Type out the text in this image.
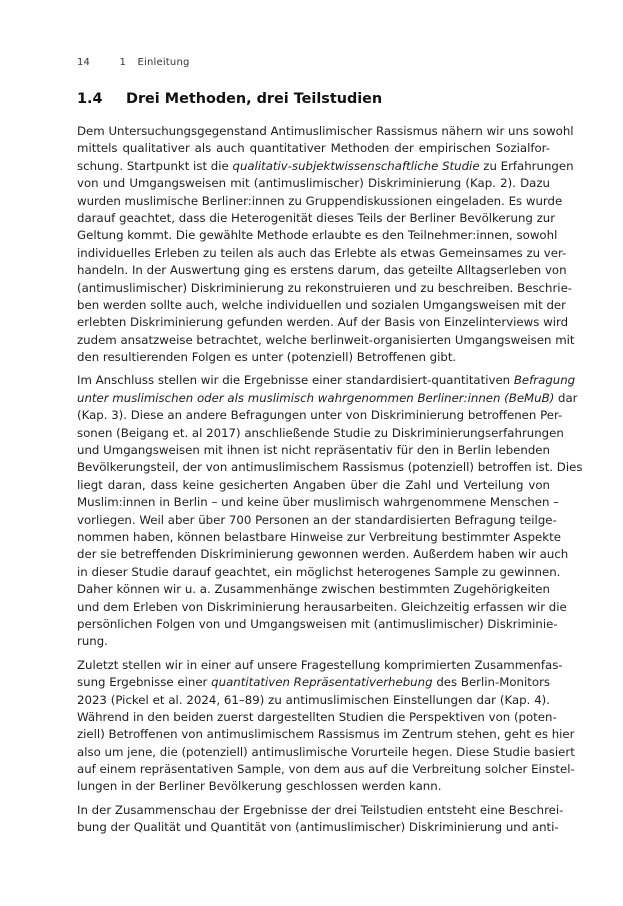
14	1 Einleitung
1.4 Drei Methoden, drei Teilstudien
Dem Untersuchungsgegenstand Antimuslimischer Rassismus nähern wir uns sowohl
mittels qualitativer als auch quantitativer Methoden der empirischen Sozialfor-
schung. Startpunkt ist die qualitativ-subjektwissenschaftliche Studie zu Erfahrungen
von und Umgangsweisen mit (antimuslimischer) Diskriminierung (Kap. 2). Dazu
wurden muslimische Berliner:innen zu Gruppendiskussionen eingeladen. Es wurde
darauf geachtet, dass die Heterogenität dieses Teils der Berliner Bevölkerung zur
Geltung kommt. Die gewählte Methode erlaubte es den Teilnehmer:innen, sowohl
individuelles Erleben zu teilen als auch das Erlebte als etwas Gemeinsames zu ver-
handeln. In der Auswertung ging es erstens darum, das geteilte Alltagserleben von
(antimuslimischer) Diskriminierung zu rekonstruieren und zu beschreiben. Beschrie-
ben werden sollte auch, welche individuellen und sozialen Umgangsweisen mit der
erlebten Diskriminierung gefunden werden. Auf der Basis von Einzelinterviews wird
zudem ansatzweise betrachtet, welche berlinweit-organisierten Umgangsweisen mit
den resultierenden Folgen es unter (potenziell) Betroffenen gibt.
Im Anschluss stellen wir die Ergebnisse einer standardisiert-quantitativen Befragung
unter muslimischen oder als muslimisch wahrgenommen Berliner:innen (BeMuB) dar
(Kap. 3). Diese an andere Befragungen unter von Diskriminierung betroffenen Per-
sonen (Beigang et. al 2017) anschließende Studie zu Diskriminierungserfahrungen
und Umgangsweisen mit ihnen ist nicht repräsentativ für den in Berlin lebenden
Bevölkerungsteil, der von antimuslimischem Rassismus (potenziell) betroffen ist. Dies
liegt daran, dass keine gesicherten Angaben über die Zahl und Verteilung von
Muslim:innen in Berlin – und keine über muslimisch wahrgenommene Menschen –
vorliegen. Weil aber über 700 Personen an der standardisierten Befragung teilge-
nommen haben, können belastbare Hinweise zur Verbreitung bestimmter Aspekte
der sie betreffenden Diskriminierung gewonnen werden. Außerdem haben wir auch
in dieser Studie darauf geachtet, ein möglichst heterogenes Sample zu gewinnen.
Daher können wir u. a. Zusammenhänge zwischen bestimmten Zugehörigkeiten
und dem Erleben von Diskriminierung herausarbeiten. Gleichzeitig erfassen wir die
persönlichen Folgen von und Umgangsweisen mit (antimuslimischer) Diskriminie-
rung.
Zuletzt stellen wir in einer auf unsere Fragestellung komprimierten Zusammenfas-
sung Ergebnisse einer quantitativen Repräsentativerhebung des Berlin-Monitors
2023 (Pickel et al. 2024, 61–89) zu antimuslimischen Einstellungen dar (Kap. 4).
Während in den beiden zuerst dargestellten Studien die Perspektiven von (poten-
ziell) Betroffenen von antimuslimischem Rassismus im Zentrum stehen, geht es hier
also um jene, die (potenziell) antimuslimische Vorurteile hegen. Diese Studie basiert
auf einem repräsentativen Sample, von dem aus auf die Verbreitung solcher Einstel-
lungen in der Berliner Bevölkerung geschlossen werden kann.
In der Zusammenschau der Ergebnisse der drei Teilstudien entsteht eine Beschrei-
bung der Qualität und Quantität von (antimuslimischer) Diskriminierung und anti-
